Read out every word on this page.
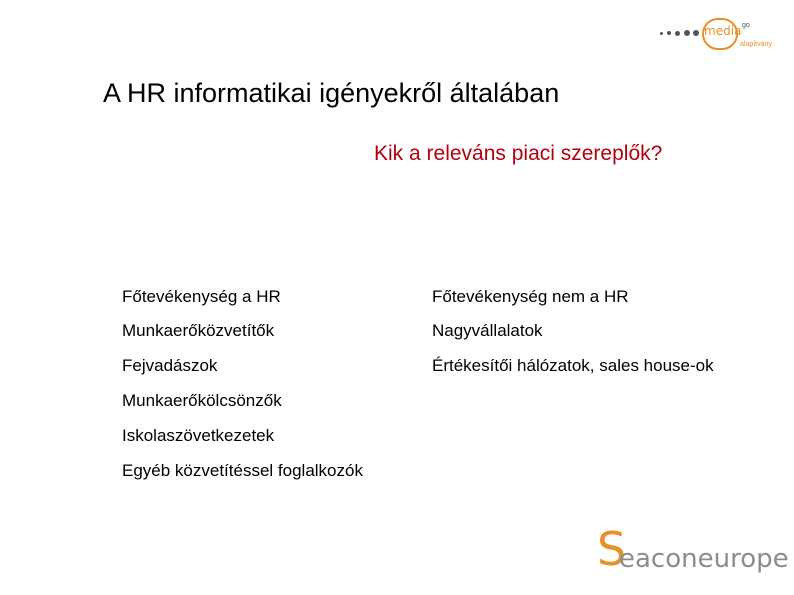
media go
alapítvány
A HR informatikai igényekről általában
Kik a releváns piaci szereplők?
Főtevékenység a HR
Munkaerőközvetítők
Fejvadászok
Munkaerőkölcsönzők
Iskolaszövetkezetek
Egyéb közvetítéssel foglalkozók
Főtevékenység nem a HR
Nagyvállalatok
Értékesítői hálózatok, sales house-ok
S
eaconeurope
